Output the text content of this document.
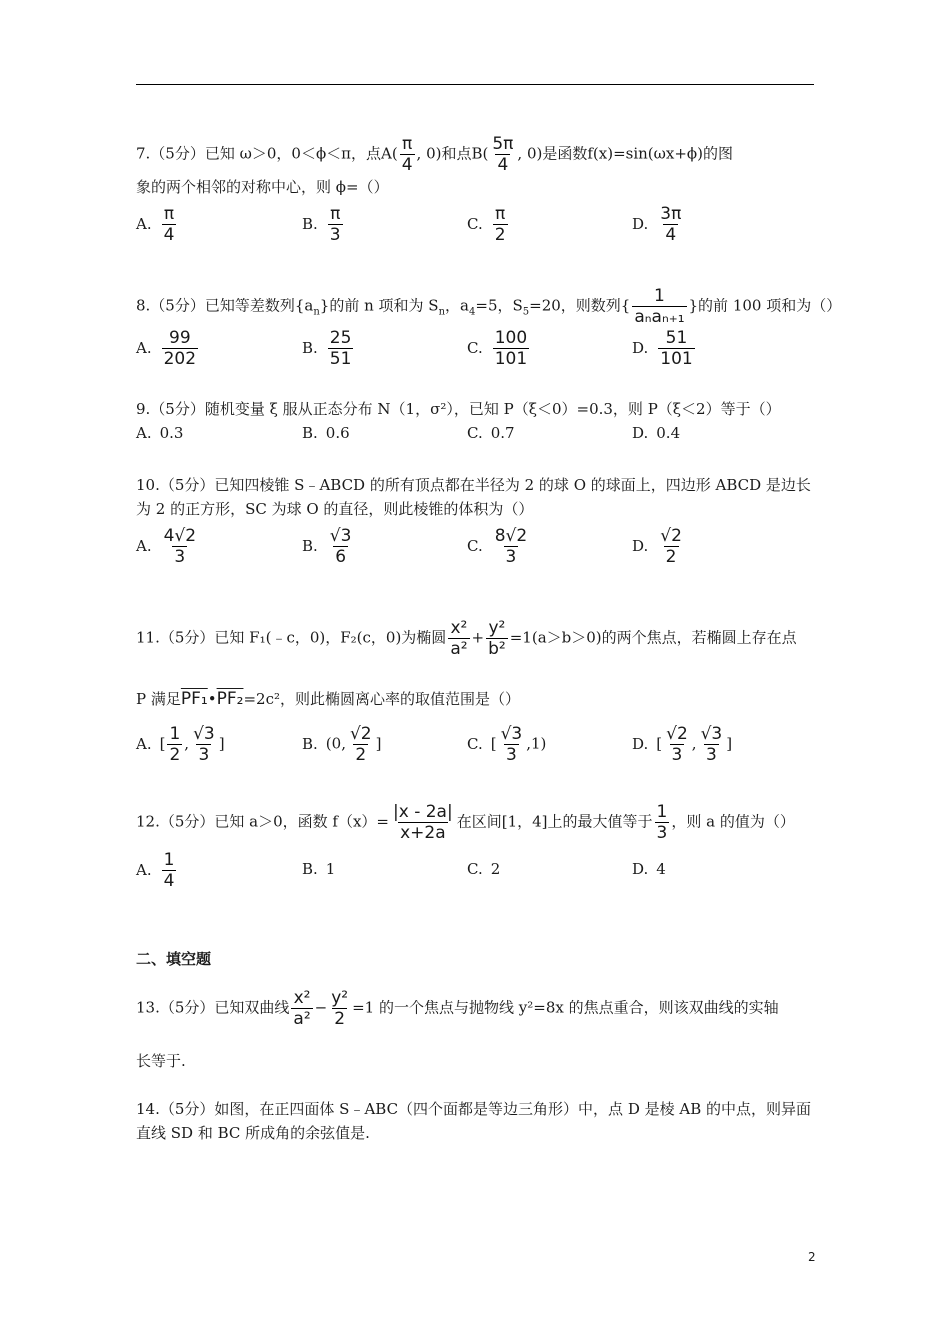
7.（5分）已知 ω＞0，0＜ϕ＜π，点$A( \frac{\pi}{4}$ , 0)和点$B( \frac{5\pi}{4}$ , 0)是函数f(x)=sin(ωx+ϕ)的图
象的两个相邻的对称中心，则 ϕ=（）
A. $\frac{\pi}{4}$	B. $\frac{\pi}{3}$	C. $\frac{\pi}{2}$	D. $\frac{3\pi}{4}$
8.（5分）已知等差数列$\{a_n\}$的前 n 项和为 $S_n$，$a_4=5$，$S_5=20$，则数列{ $\frac{1}{\text{aₙaₙ₊₁}}$ }的前 100 项和为（）
A. $\frac{99}{202}$	B. $\frac{25}{51}$	C. $\frac{100}{101}$	D. $\frac{51}{101}$
9.（5分）随机变量 ξ 服从正态分布 N（1，σ²），已知 P（ξ＜0）=0.3，则 P（ξ＜2）等于（）
A. 0.3	B. 0.6	C. 0.7	D. 0.4
10.（5分）已知四棱锥 S﹣ABCD 的所有顶点都在半径为 2 的球 O 的球面上，四边形 ABCD 是边长
为 2 的正方形，SC 为球 O 的直径，则此棱锥的体积为（）
A. $\frac{4√2}{3}$	B. $\frac{√3}{6}$	C. $\frac{8√2}{3}$	D. $\frac{√2}{2}$
11.（5分）已知 F₁(﹣c，0)，F₂(c，0)为椭圆 $\frac{\text{x²}}{\text{a²}} + \frac{\text{y²}}{\text{b²}} =1(a>b>0)$的两个焦点，若椭圆上存在点
P 满足PF₁•PF₂=2c²，则此椭圆离心率的取值范围是（）
A. [ $\frac{1}{2}$ , $\frac{√3}{3}$ ]	B. (0, $\frac{√2}{2}$ ]	C. [ $\frac{√3}{3} ,1$)	D. [ $\frac{√2}{3}$ , $\frac{√3}{3}$ ]
12.（5分）已知 a＞0，函数 $f(x)= \frac{|x - 2a|}{x+2a}$ 在区间[1，4]上的最大值等于 $\frac{1}{3}$ ，则 a 的值为（）
A. $\frac{1}{4}$	B. 1	C. 2	D. 4
二、填空题
13.（5分）已知双曲线 $\frac{\text{x²}}{\text{a²}} - \frac{\text{y²}}{2} =1$ 的一个焦点与抛物线 y²=8x 的焦点重合，则该双曲线的实轴
长等于.
14.（5分）如图，在正四面体 S﹣ABC（四个面都是等边三角形）中，点 D 是棱 AB 的中点，则异面
直线 SD 和 BC 所成角的余弦值是.
2
